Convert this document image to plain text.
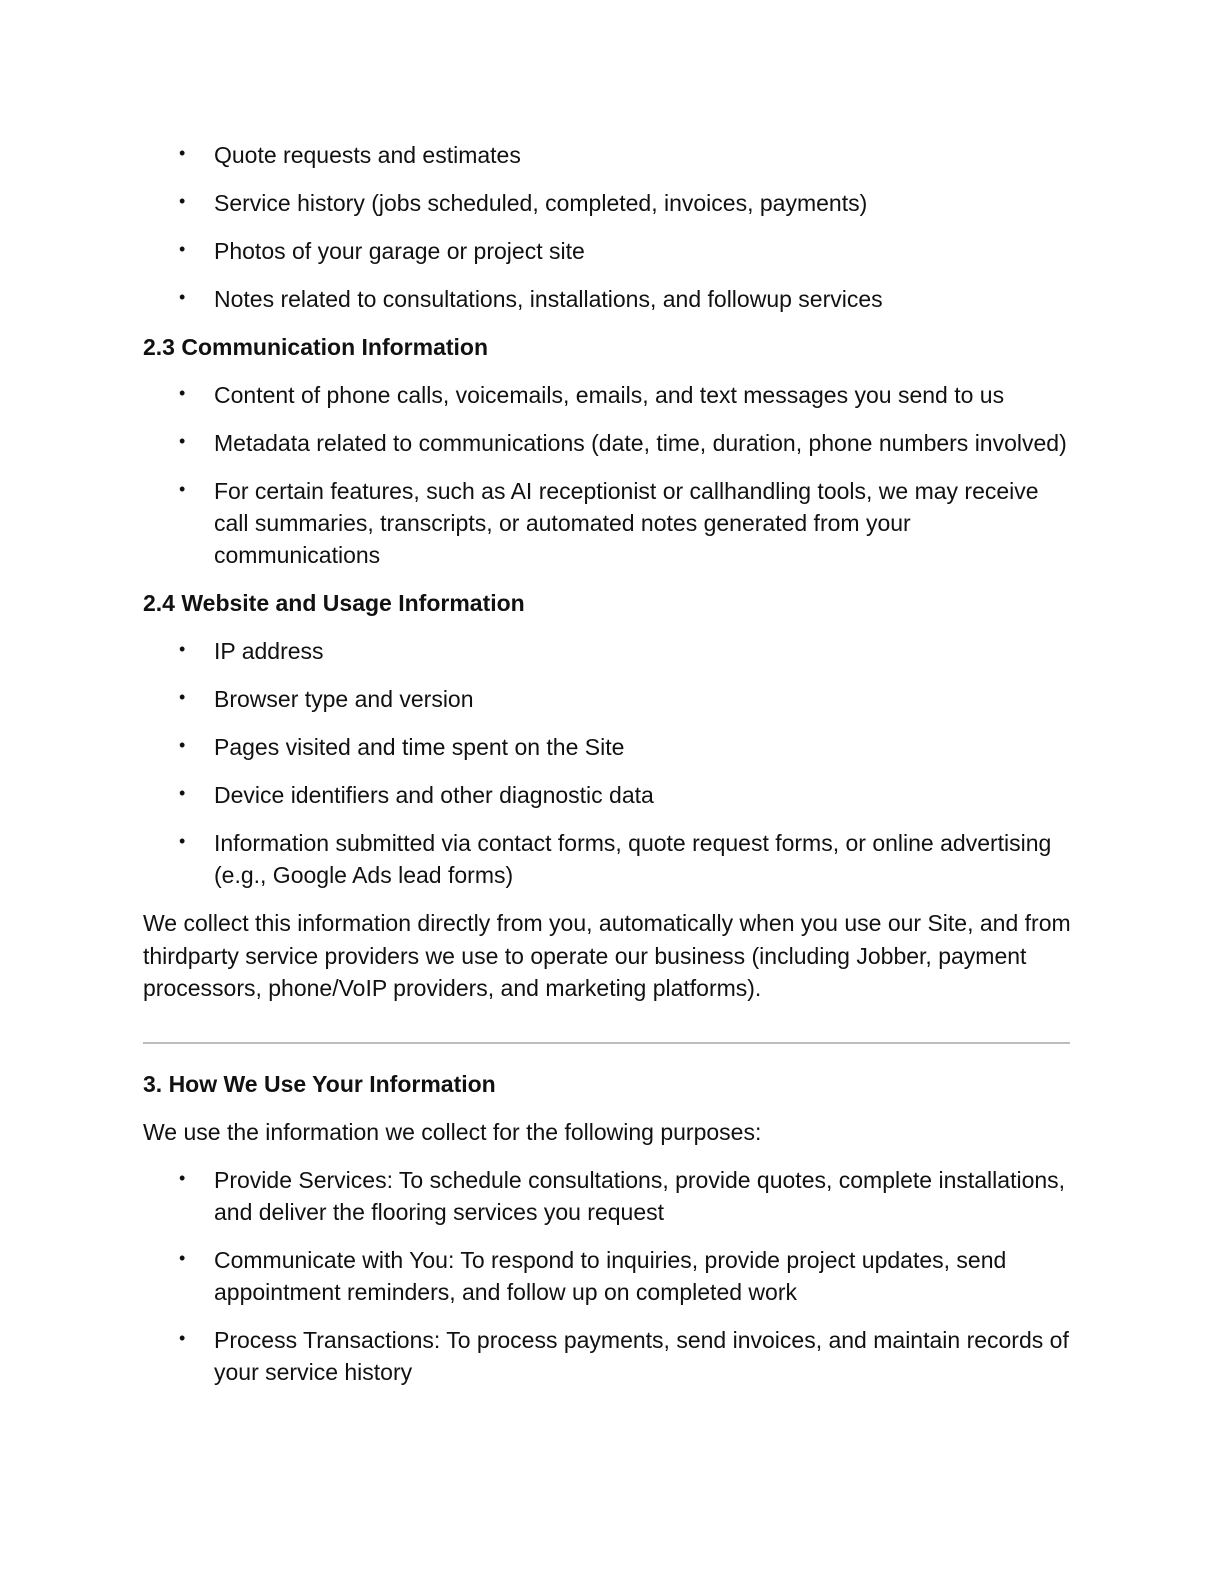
• Quote requests and estimates
• Service history (jobs scheduled, completed, invoices, payments)
• Photos of your garage or project site
• Notes related to consultations, installations, and followup services
2.3 Communication Information
• Content of phone calls, voicemails, emails, and text messages you send to us
• Metadata related to communications (date, time, duration, phone numbers involved)
• For certain features, such as AI receptionist or callhandling tools, we may receive call summaries, transcripts, or automated notes generated from your communications
2.4 Website and Usage Information
• IP address
• Browser type and version
• Pages visited and time spent on the Site
• Device identifiers and other diagnostic data
• Information submitted via contact forms, quote request forms, or online advertising (e.g., Google Ads lead forms)

We collect this information directly from you, automatically when you use our Site, and from thirdparty service providers we use to operate our business (including Jobber, payment processors, phone/VoIP providers, and marketing platforms).

3. How We Use Your Information

We use the information we collect for the following purposes:

• Provide Services: To schedule consultations, provide quotes, complete installations, and deliver the flooring services you request
• Communicate with You: To respond to inquiries, provide project updates, send appointment reminders, and follow up on completed work
• Process Transactions: To process payments, send invoices, and maintain records of your service history
